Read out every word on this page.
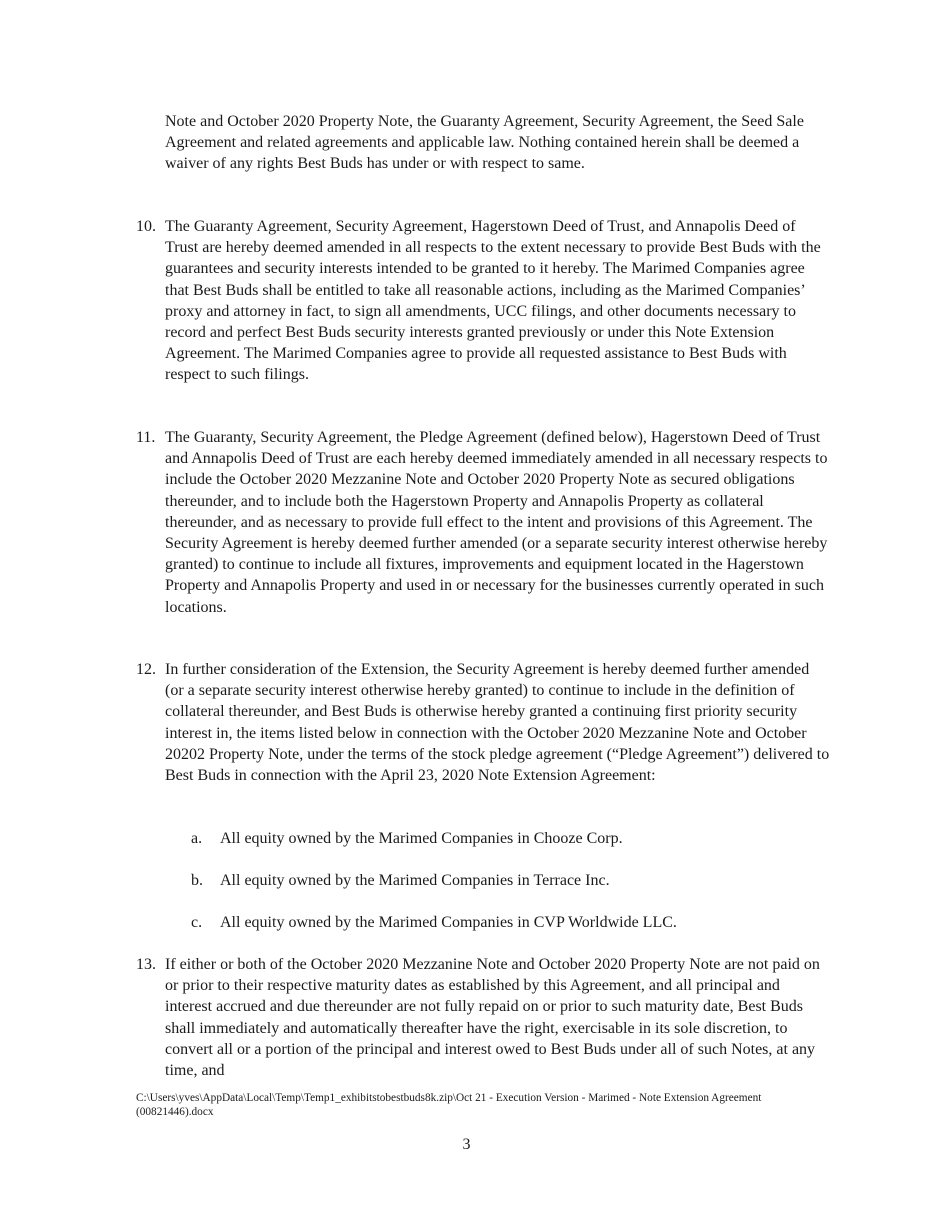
Note and October 2020 Property Note, the Guaranty Agreement, Security Agreement, the Seed Sale Agreement and related agreements and applicable law. Nothing contained herein shall be deemed a waiver of any rights Best Buds has under or with respect to same.

10. The Guaranty Agreement, Security Agreement, Hagerstown Deed of Trust, and Annapolis Deed of Trust are hereby deemed amended in all respects to the extent necessary to provide Best Buds with the guarantees and security interests intended to be granted to it hereby. The Marimed Companies agree that Best Buds shall be entitled to take all reasonable actions, including as the Marimed Companies’ proxy and attorney in fact, to sign all amendments, UCC filings, and other documents necessary to record and perfect Best Buds security interests granted previously or under this Note Extension Agreement. The Marimed Companies agree to provide all requested assistance to Best Buds with respect to such filings.
11. The Guaranty, Security Agreement, the Pledge Agreement (defined below), Hagerstown Deed of Trust and Annapolis Deed of Trust are each hereby deemed immediately amended in all necessary respects to include the October 2020 Mezzanine Note and October 2020 Property Note as secured obligations thereunder, and to include both the Hagerstown Property and Annapolis Property as collateral thereunder, and as necessary to provide full effect to the intent and provisions of this Agreement. The Security Agreement is hereby deemed further amended (or a separate security interest otherwise hereby granted) to continue to include all fixtures, improvements and equipment located in the Hagerstown Property and Annapolis Property and used in or necessary for the businesses currently operated in such locations.
12. In further consideration of the Extension, the Security Agreement is hereby deemed further amended (or a separate security interest otherwise hereby granted) to continue to include in the definition of collateral thereunder, and Best Buds is otherwise hereby granted a continuing first priority security interest in, the items listed below in connection with the October 2020 Mezzanine Note and October 20202 Property Note, under the terms of the stock pledge agreement (“Pledge Agreement”) delivered to Best Buds in connection with the April 23, 2020 Note Extension Agreement:
a.	All equity owned by the Marimed Companies in Chooze Corp.
b.	All equity owned by the Marimed Companies in Terrace Inc.
c.	All equity owned by the Marimed Companies in CVP Worldwide LLC.
13. If either or both of the October 2020 Mezzanine Note and October 2020 Property Note are not paid on or prior to their respective maturity dates as established by this Agreement, and all principal and interest accrued and due thereunder are not fully repaid on or prior to such maturity date, Best Buds shall immediately and automatically thereafter have the right, exercisable in its sole discretion, to convert all or a portion of the principal and interest owed to Best Buds under all of such Notes, at any time, and
C:\Users\yves\AppData\Local\Temp\Temp1_exhibitstobestbuds8k.zip\Oct 21 - Execution Version - Marimed - Note Extension Agreement (00821446).docx
3
